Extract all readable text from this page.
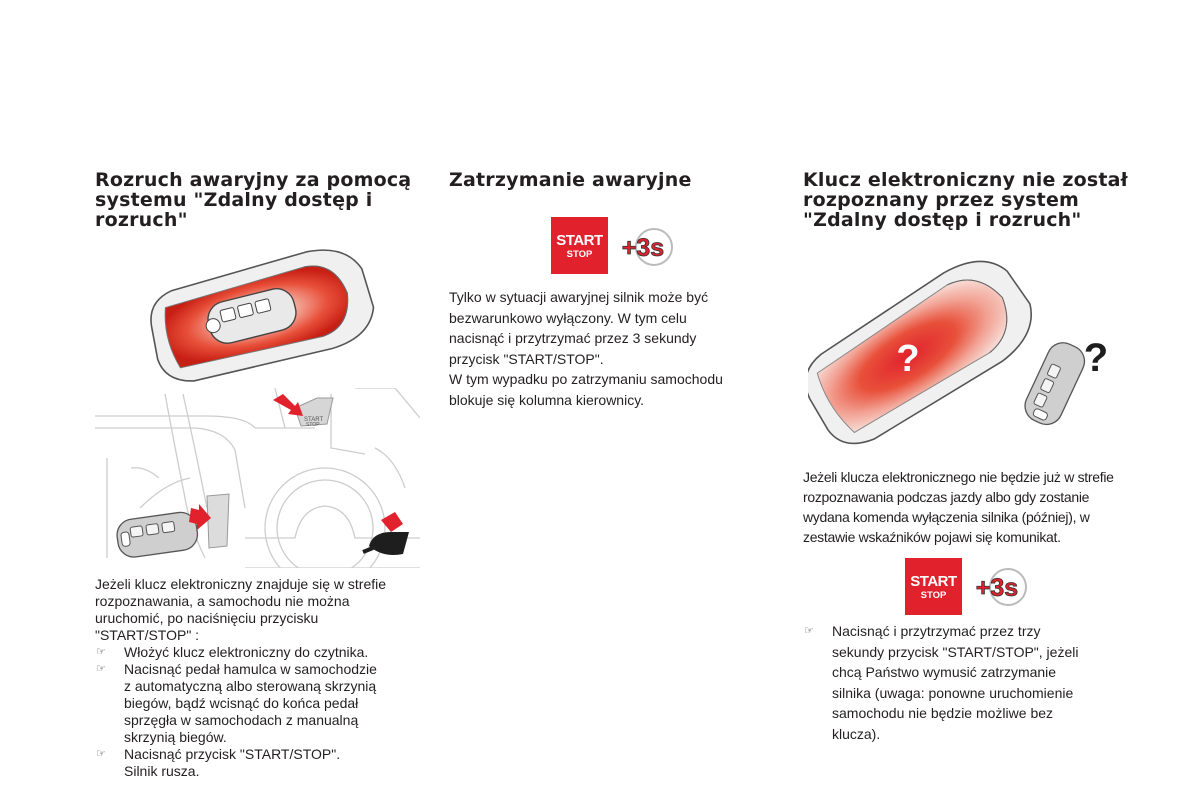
Rozruch awaryjny za pomocą
systemu "Zdalny dostęp i
rozruch"
START
STOP
Jeżeli klucz elektroniczny znajduje się w strefie
rozpoznawania, a samochodu nie można
uruchomić, po naciśnięciu przycisku
"START/STOP" :
☞ Włożyć klucz elektroniczny do czytnika.
☞ Nacisnąć pedał hamulca w samochodzie
z automatyczną albo sterowaną skrzynią
biegów, bądź wcisnąć do końca pedał
sprzęgła w samochodach z manualną
skrzynią biegów.
☞ Nacisnąć przycisk "START/STOP".
Silnik rusza.
Zatrzymanie awaryjne
START
STOP	+3s
Tylko w sytuacji awaryjnej silnik może być
bezwarunkowo wyłączony. W tym celu
nacisnąć i przytrzymać przez 3 sekundy
przycisk "START/STOP".
W tym wypadku po zatrzymaniu samochodu
blokuje się kolumna kierownicy.
Klucz elektroniczny nie został
rozpoznany przez system
"Zdalny dostęp i rozruch"
?	?
Jeżeli klucza elektronicznego nie będzie już w strefie
rozpoznawania podczas jazdy albo gdy zostanie
wydana komenda wyłączenia silnika (później), w
zestawie wskaźników pojawi się komunikat.
START
STOP	+3s
☞ Nacisnąć i przytrzymać przez trzy
sekundy przycisk "START/STOP", jeżeli
chcą Państwo wymusić zatrzymanie
silnika (uwaga: ponowne uruchomienie
samochodu nie będzie możliwe bez
klucza).
